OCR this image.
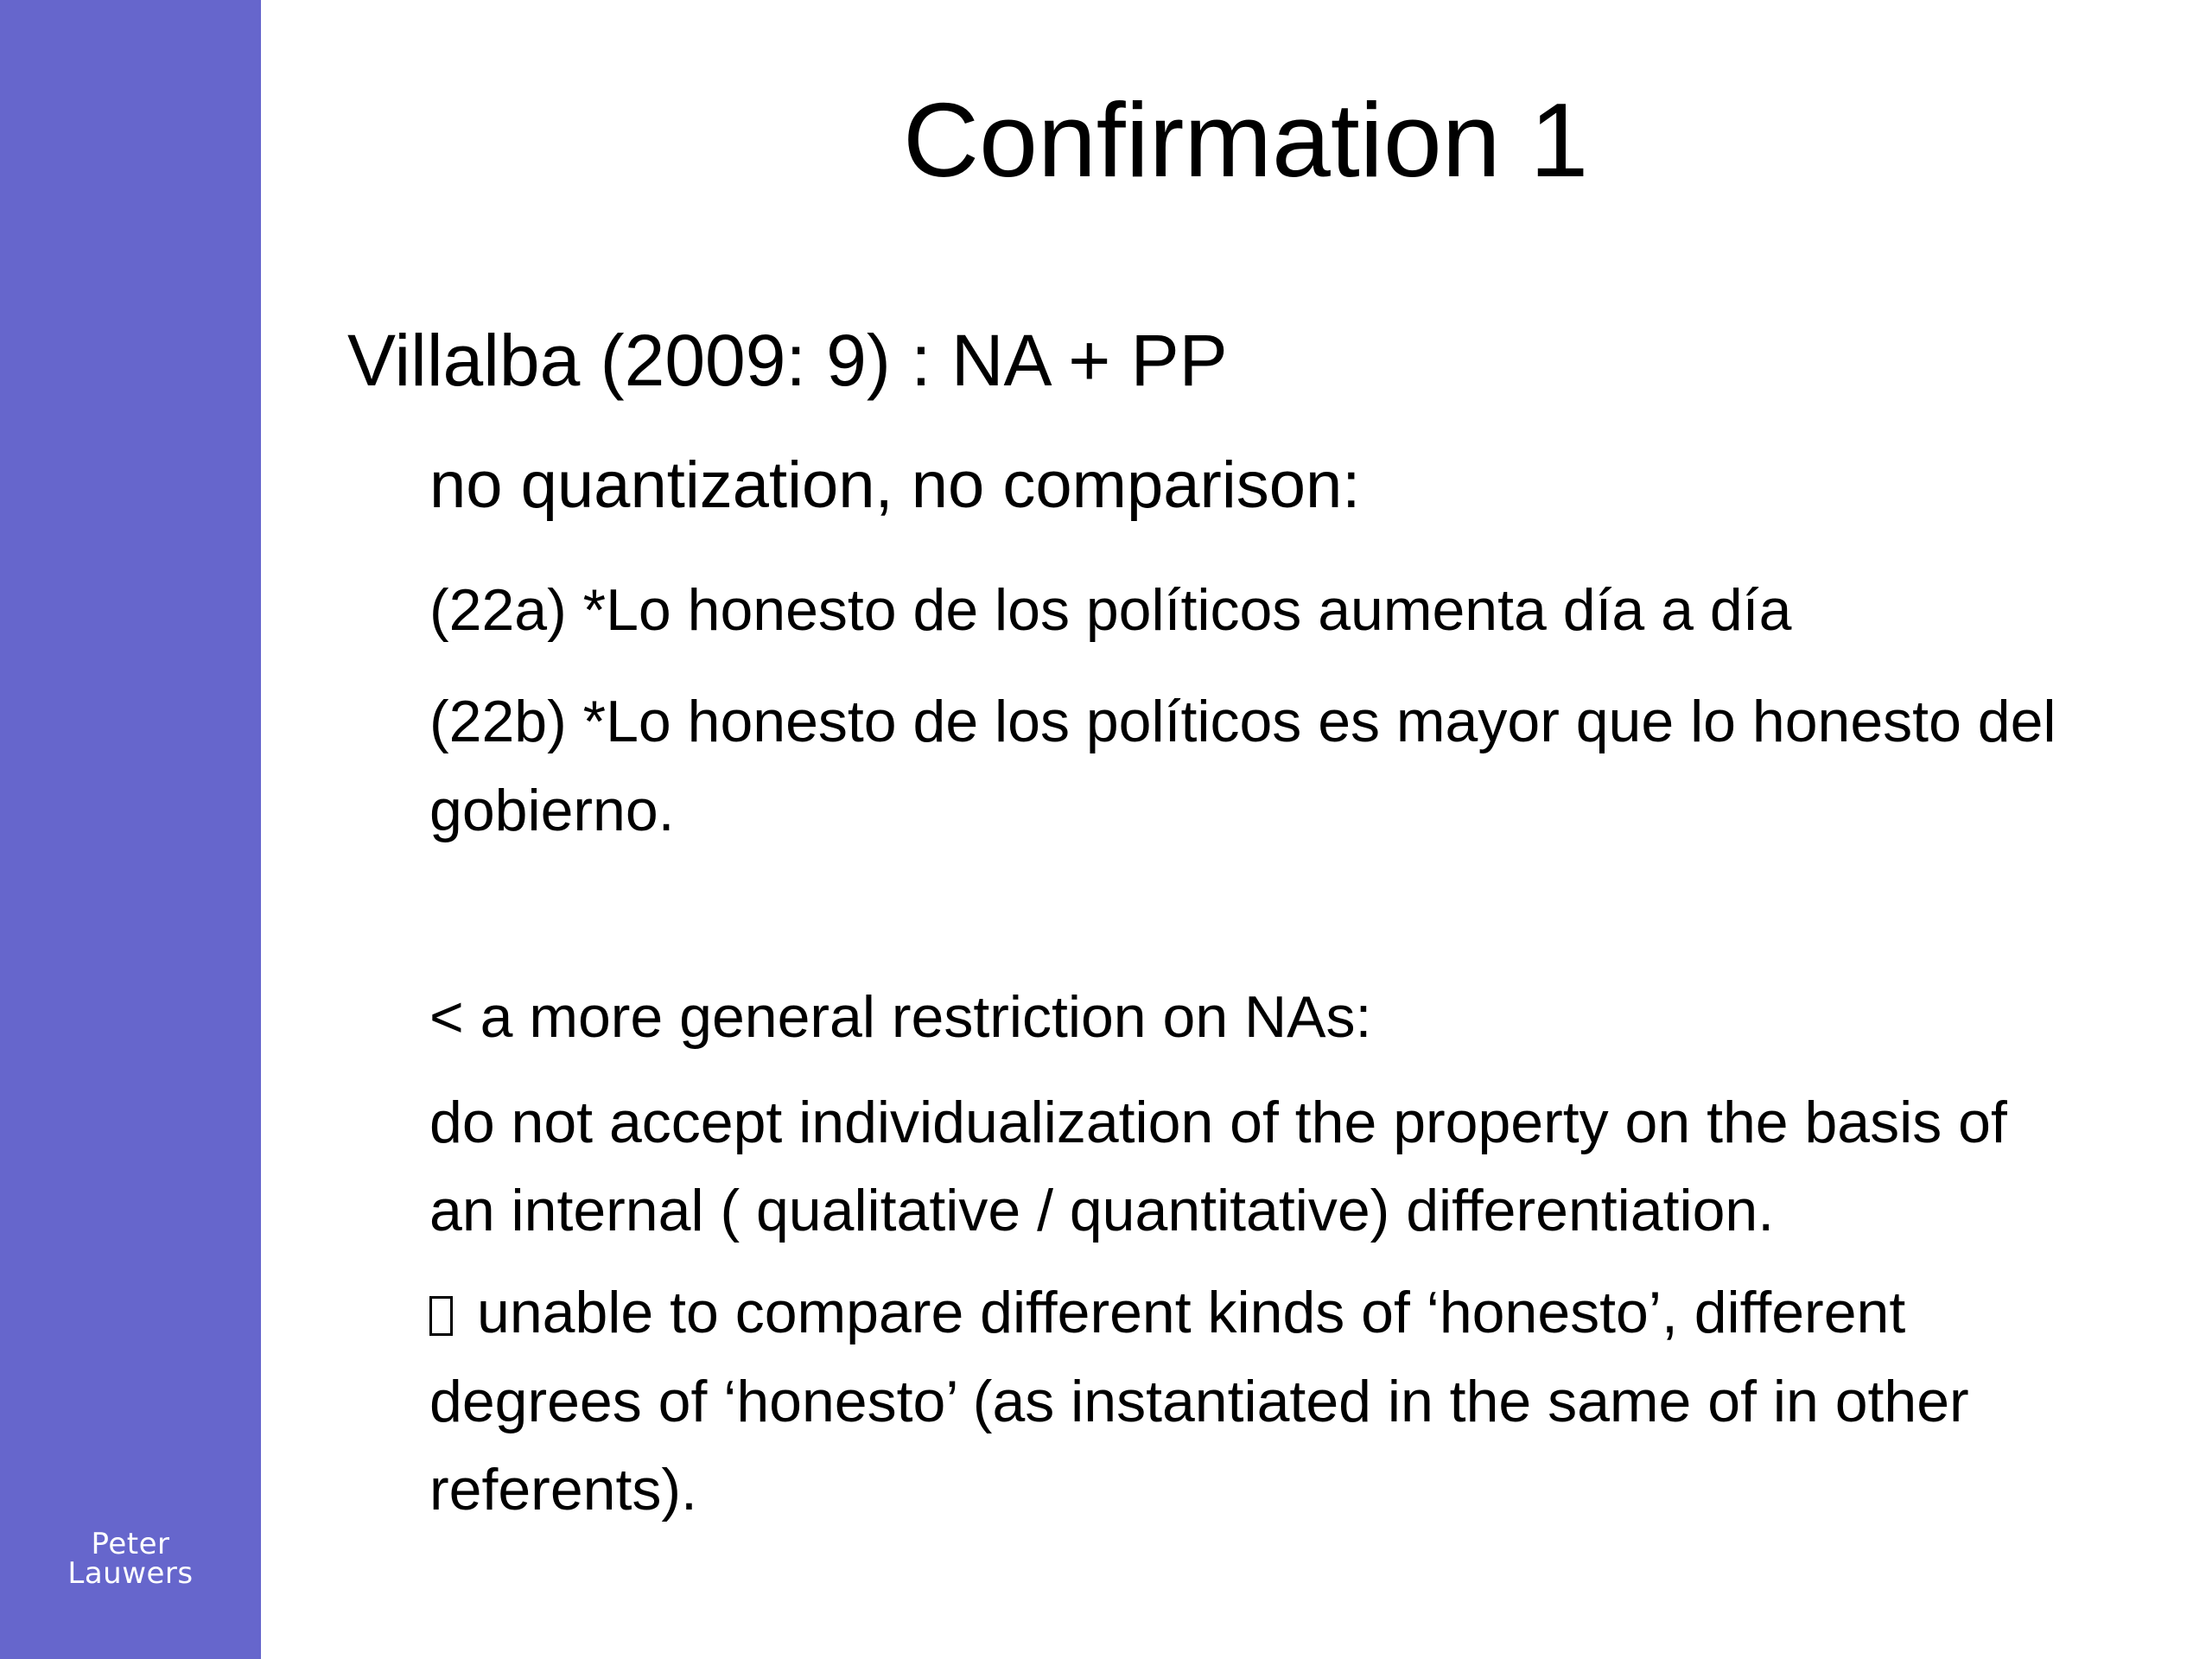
Peter
Lauwers
Confirmation 1
Villalba (2009: 9) : NA + PP
no quantization, no comparison:
(22a) *Lo honesto de los políticos aumenta día a día
(22b) *Lo honesto de los políticos es mayor que lo honesto del
gobierno.
< a more general restriction on NAs:
do not accept individualization of the property on the basis of
an internal ( qualitative / quantitative) differentiation.
unable to compare different kinds of ‘honesto’, different
degrees of ‘honesto’ (as instantiated in the same of in other
referents).
